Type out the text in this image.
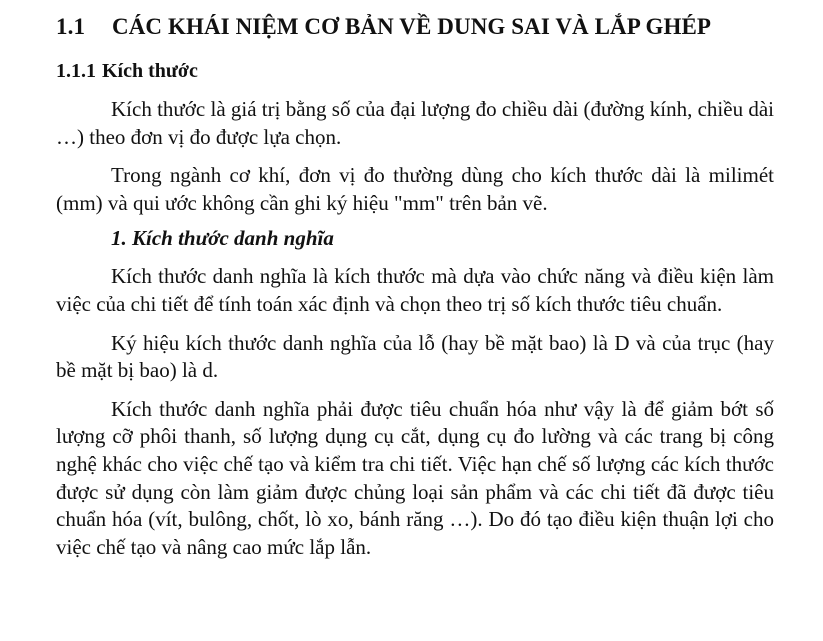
1.1 CÁC KHÁI NIỆM CƠ BẢN VỀ DUNG SAI VÀ LẮP GHÉP
1.1.1 Kích thước

Kích thước là giá trị bằng số của đại lượng đo chiều dài (đường kính, chiều dài …) theo đơn vị đo được lựa chọn.

Trong ngành cơ khí, đơn vị đo thường dùng cho kích thước dài là milimét (mm) và qui ước không cần ghi ký hiệu "mm" trên bản vẽ.

1. Kích thước danh nghĩa

Kích thước danh nghĩa là kích thước mà dựa vào chức năng và điều kiện làm việc của chi tiết để tính toán xác định và chọn theo trị số kích thước tiêu chuẩn.

Ký hiệu kích thước danh nghĩa của lỗ (hay bề mặt bao) là D và của trục (hay bề mặt bị bao) là d.

Kích thước danh nghĩa phải được tiêu chuẩn hóa như vậy là để giảm bớt số lượng cỡ phôi thanh, số lượng dụng cụ cắt, dụng cụ đo lường và các trang bị công nghệ khác cho việc chế tạo và kiểm tra chi tiết. Việc hạn chế số lượng các kích thước được sử dụng còn làm giảm được chủng loại sản phẩm và các chi tiết đã được tiêu chuẩn hóa (vít, bulông, chốt, lò xo, bánh răng …). Do đó tạo điều kiện thuận lợi cho việc chế tạo và nâng cao mức lắp lẫn.
